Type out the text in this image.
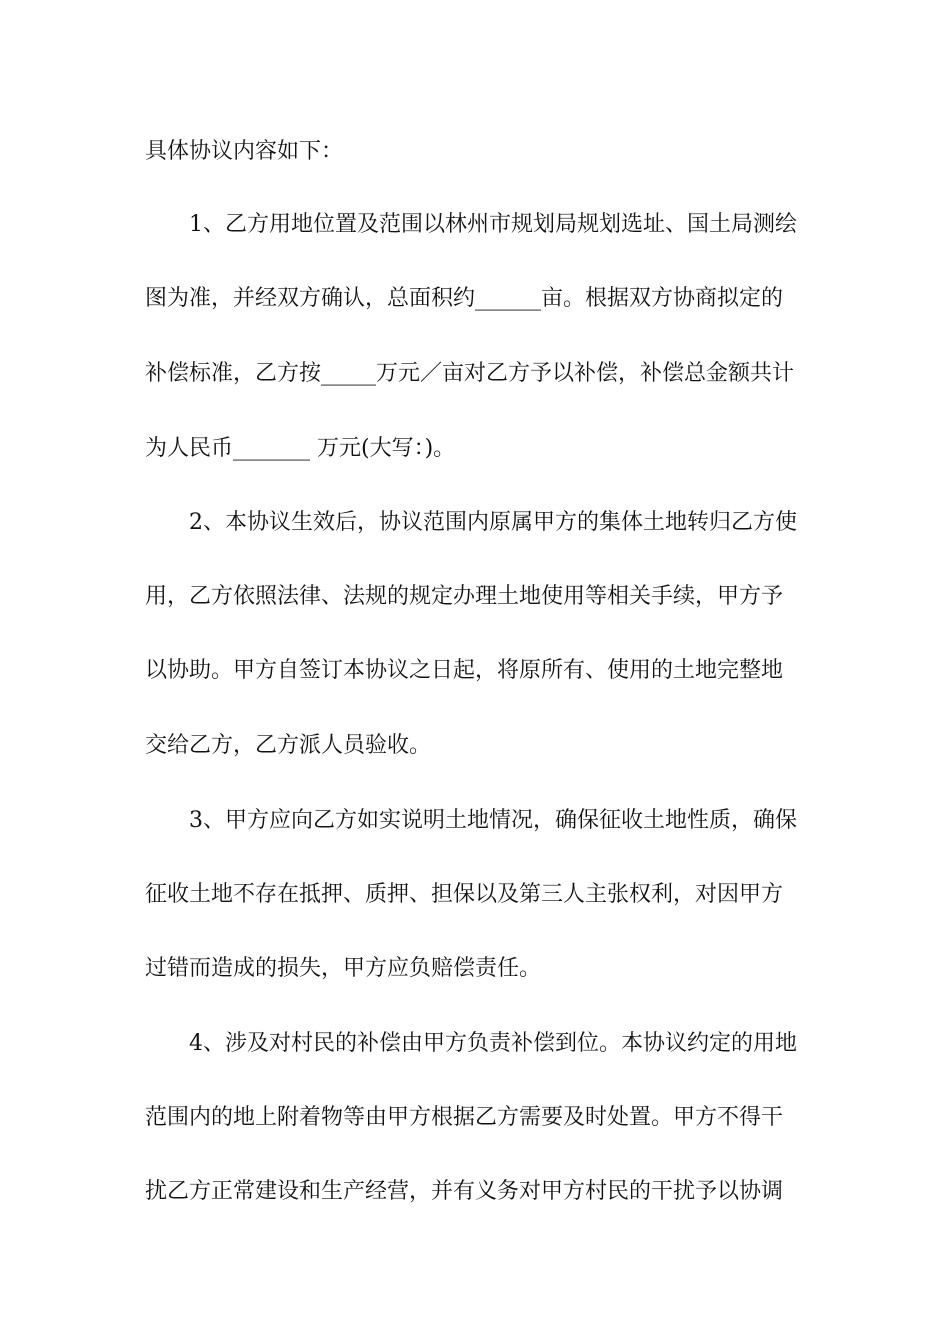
具体协议内容如下：

1、乙方用地位置及范围以林州市规划局规划选址、国土局测绘

图为准，并经双方确认，总面积约______亩。根据双方协商拟定的

补偿标准，乙方按_____万元／亩对乙方予以补偿，补偿总金额共计

为人民币_______ 万元(大写：)。

2、本协议生效后，协议范围内原属甲方的集体土地转归乙方使

用，乙方依照法律、法规的规定办理土地使用等相关手续，甲方予

以协助。甲方自签订本协议之日起，将原所有、使用的土地完整地

交给乙方，乙方派人员验收。

3、甲方应向乙方如实说明土地情况，确保征收土地性质，确保

征收土地不存在抵押、质押、担保以及第三人主张权利，对因甲方

过错而造成的损失，甲方应负赔偿责任。

4、涉及对村民的补偿由甲方负责补偿到位。本协议约定的用地

范围内的地上附着物等由甲方根据乙方需要及时处置。甲方不得干

扰乙方正常建设和生产经营，并有义务对甲方村民的干扰予以协调
